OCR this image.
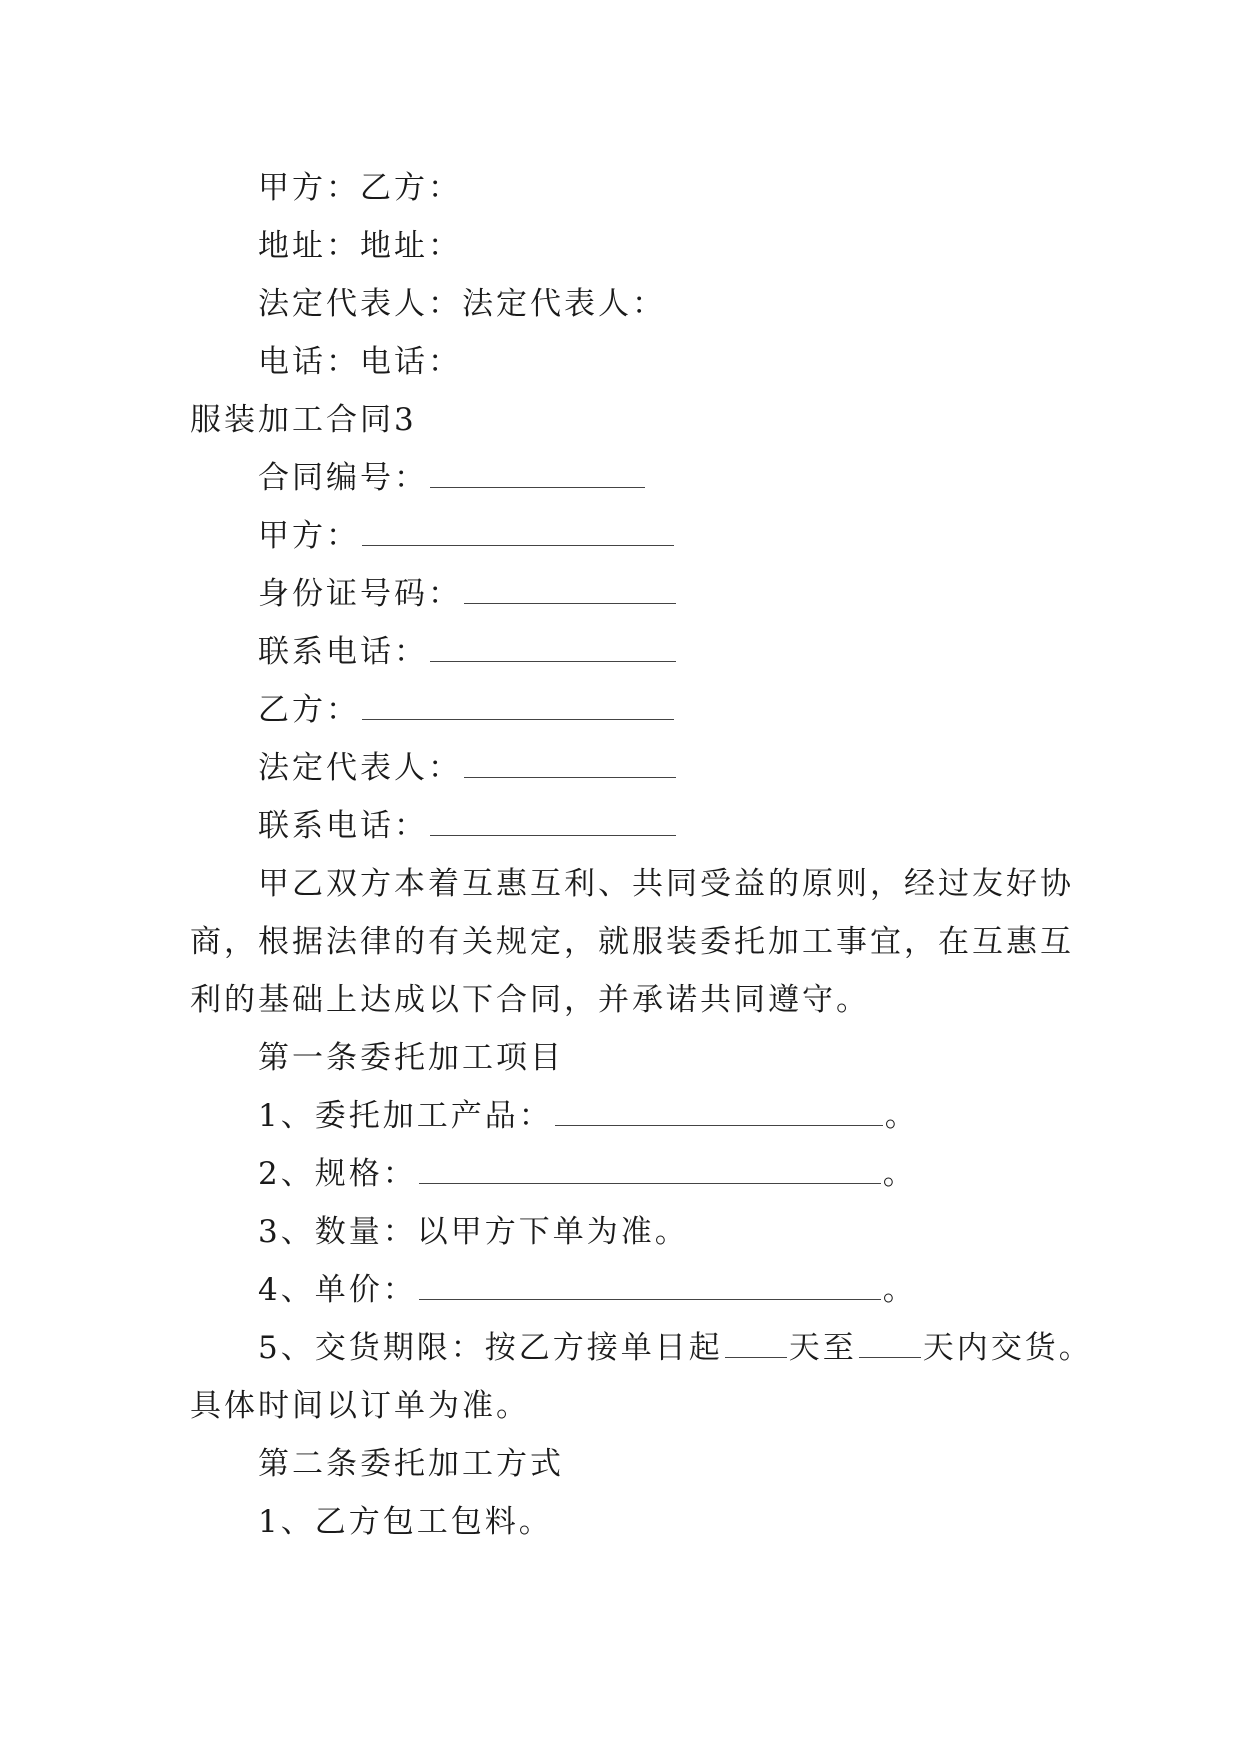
甲方：乙方：
地址：地址：
法定代表人：法定代表人：
电话：电话：
服装加工合同3
合同编号：
甲方：
身份证号码：
联系电话：
乙方：
法定代表人：
联系电话：
甲乙双方本着互惠互利、共同受益的原则，经过友好协
商，根据法律的有关规定，就服装委托加工事宜，在互惠互
利的基础上达成以下合同，并承诺共同遵守。
第一条委托加工项目
1、委托加工产品：	。
2、规格：	。
3、数量：以甲方下单为准。
4、单价：	。
5、交货期限：按乙方接单日起 天至 天内交货。
具体时间以订单为准。
第二条委托加工方式
1、乙方包工包料。
